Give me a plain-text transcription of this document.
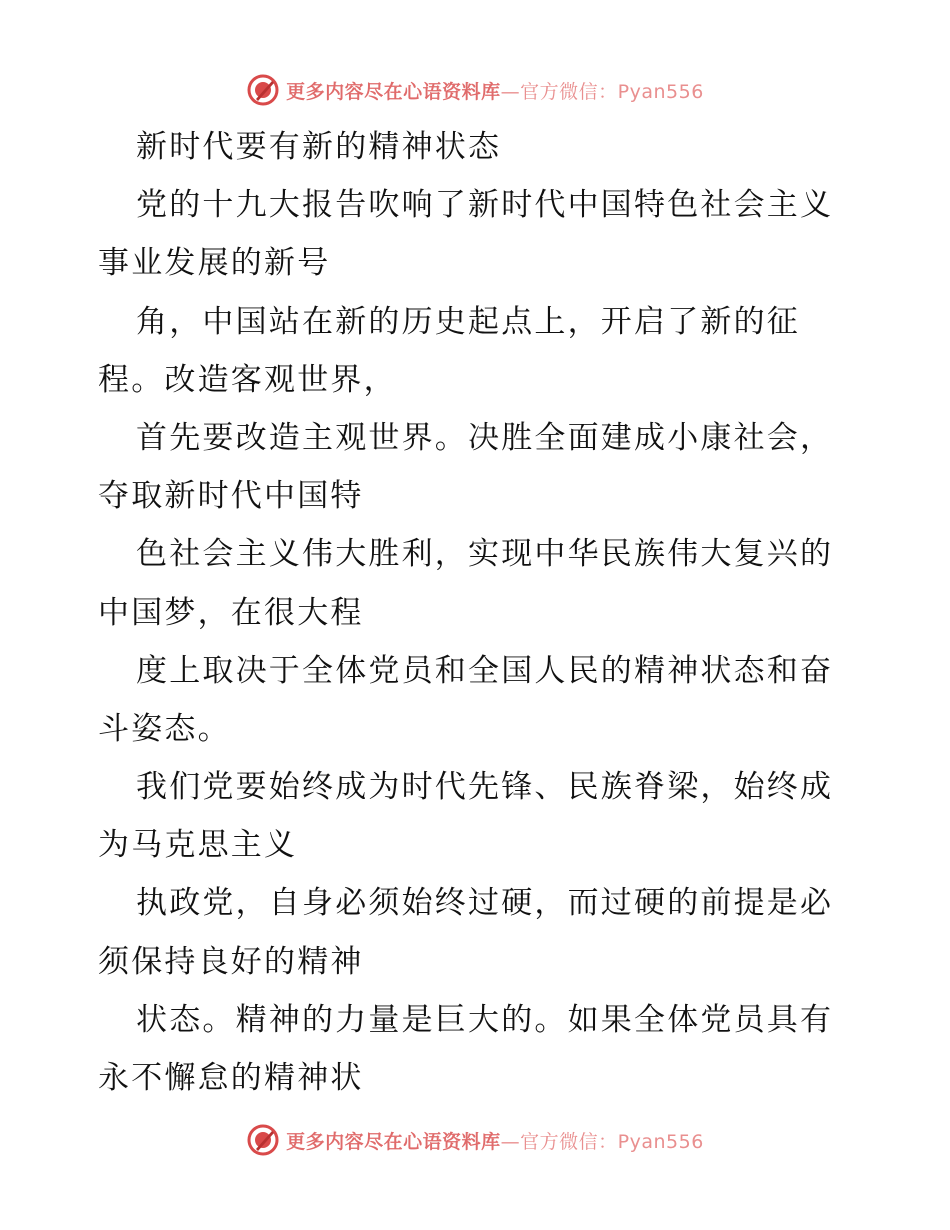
更多内容尽在心语资料库—官方微信：Pyan556
新时代要有新的精神状态
党的十九大报告吹响了新时代中国特色社会主义
事业发展的新号
角，中国站在新的历史起点上，开启了新的征
程。改造客观世界，
首先要改造主观世界。决胜全面建成小康社会，
夺取新时代中国特
色社会主义伟大胜利，实现中华民族伟大复兴的
中国梦，在很大程
度上取决于全体党员和全国人民的精神状态和奋
斗姿态。
我们党要始终成为时代先锋、民族脊梁，始终成
为马克思主义
执政党，自身必须始终过硬，而过硬的前提是必
须保持良好的精神
状态。精神的力量是巨大的。如果全体党员具有
永不懈怠的精神状
更多内容尽在心语资料库—官方微信：Pyan556
